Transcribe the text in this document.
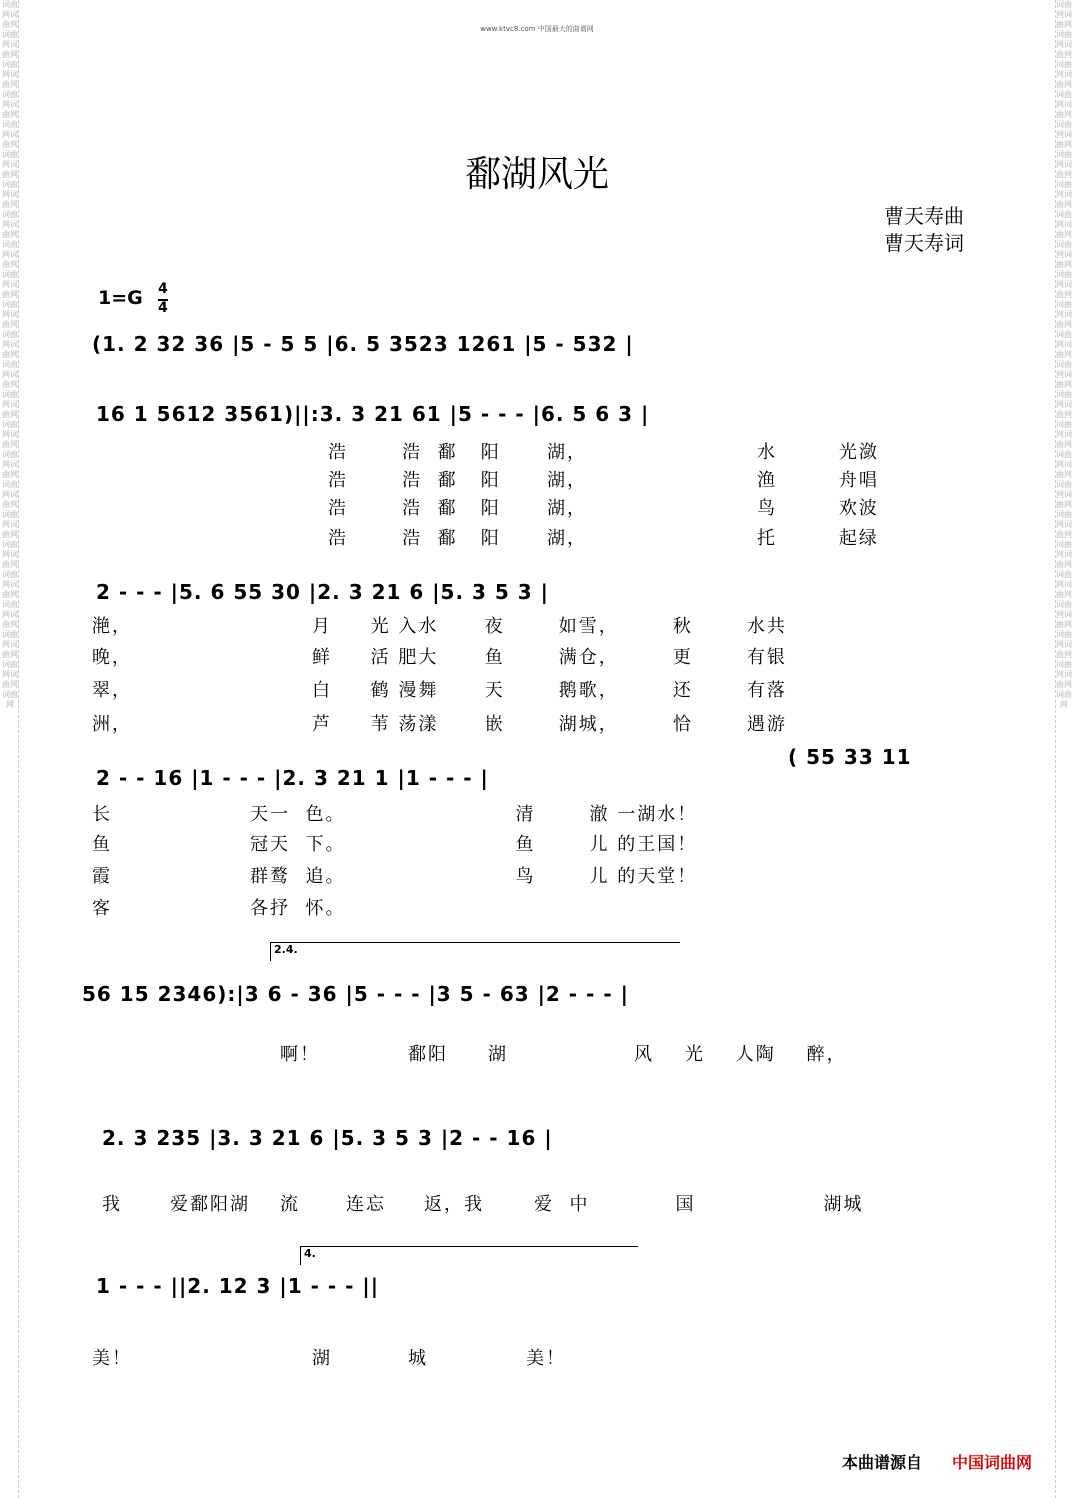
词曲网词曲网词曲网词曲网词曲网词曲网词曲网词曲网词曲网词曲网词曲网词曲网词曲网词曲网词曲网词曲网词曲网词曲网词曲网词曲网词曲网词曲网词曲网词曲网词曲网词曲网词曲网词曲网词曲网词曲网词曲网词曲网词曲网词曲网词曲网词曲网词曲网词曲网词曲网词曲网词曲网词曲网词曲网词曲网词曲网词曲网词曲网
词曲网词曲网词曲网词曲网词曲网词曲网词曲网词曲网词曲网词曲网词曲网词曲网词曲网词曲网词曲网词曲网词曲网词曲网词曲网词曲网词曲网词曲网词曲网词曲网词曲网词曲网词曲网词曲网词曲网词曲网词曲网词曲网词曲网词曲网词曲网词曲网词曲网词曲网词曲网词曲网词曲网词曲网词曲网词曲网词曲网词曲网词曲网
www.ktvc8.com 中国最大的曲谱网
鄱湖风光
曹天寿曲
曹天寿词
1=G 4
4
(1. 2 32 36 |5 - 5 5 |6. 5 3523 1261 |5 - 532 |
16 1 5612 3561)||:3. 3 21 61 |5 - - - |6. 5 6 3 |
浩	浩 鄱 阳	湖，	水	光潋
浩	浩 鄱 阳	湖，	渔	舟唱
浩	浩 鄱 阳	湖，	鸟	欢波
浩	浩 鄱 阳	湖，	托	起绿
2 - - - |5. 6 55 30 |2. 3 21 6 |5. 3 5 3 |
滟，	月 光 入水	夜	如雪，	秋	水共
晚，	鲜 活 肥大	鱼	满仓，	更	有银
翠，	白 鹤 漫舞	天	鹅歌，	还	有落
洲，	芦 苇 荡漾	嵌	湖城，	恰	遇游
2 - - 16 |1 - - - |2. 3 21 1 |1 - - - |
( 55 33 11
长	天一 色。	清	澈 一湖水！
鱼	冠天 下。	鱼	儿 的王国！
霞	群鹜 追。	鸟	儿 的天堂！
客	各抒 怀。
2.4.
56 15 2346):|3 6 - 36 |5 - - - |3 5 - 63 |2 - - - |
啊！	鄱阳 湖	风 光 人陶 醉，
2. 3 235 |3. 3 21 6 |5. 3 5 3 |2 - - 16 |
我	爱鄱阳湖 流	连忘 返，我	爱 中	国	湖城
4.
1 - - - ||2. 12 3 |1 - - - ||
美！	湖	城	美！
本曲谱源自 中国词曲网
